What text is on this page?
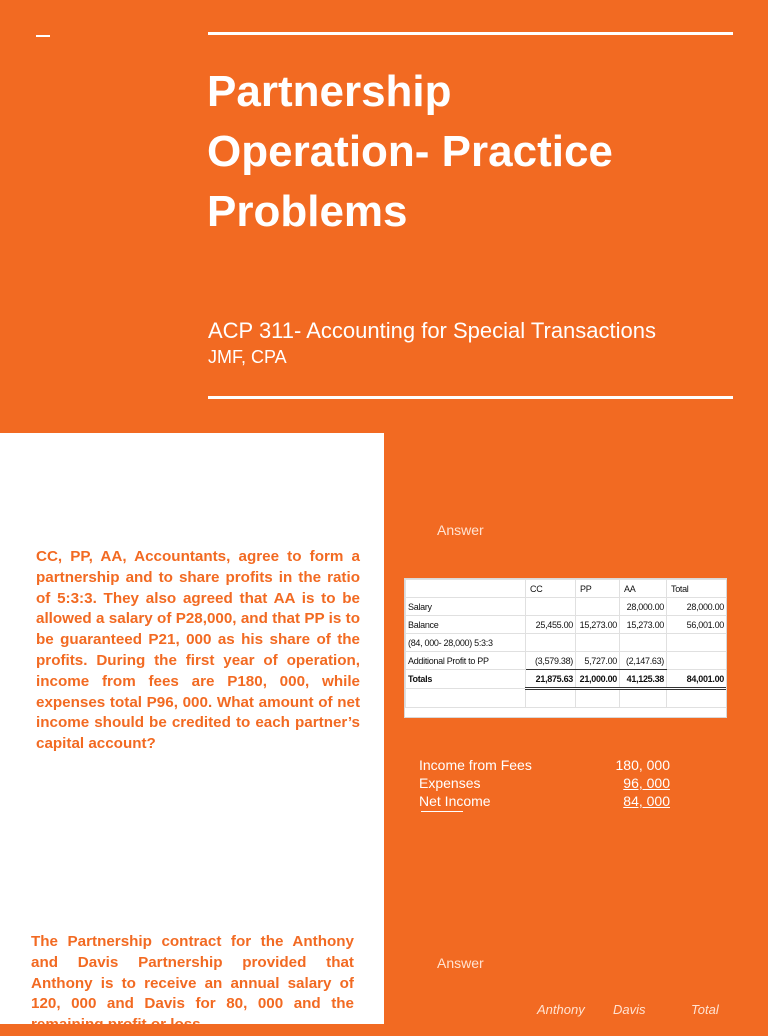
Partnership
Operation- Practice
Problems
ACP 311- Accounting for Special Transactions
JMF, CPA

CC, PP, AA, Accountants, agree to form a partnership and to share profits in the ratio of 5:3:3. They also agreed that AA is to be allowed a salary of P28,000, and that PP is to be guaranteed P21, 000 as his share of the profits. During the first year of operation, income from fees are P180, 000, while expenses total P96, 000. What amount of net income should be credited to each partner’s capital account?

The Partnership contract for the Anthony and Davis Partnership provided that Anthony is to receive an annual salary of 120, 000 and Davis for 80, 000 and the remaining profit or loss

Answer
	CC	PP	AA	Total
Salary			28,000.00	28,000.00
Balance	25,455.00	15,273.00	15,273.00	56,001.00
(84, 000- 28,000) 5:3:3				
Additional Profit to PP	(3,579.38)	5,727.00	(2,147.63)	
Totals	21,875.63	21,000.00	41,125.38	84,001.00

Income from Fees	180, 000
Expenses	96, 000
Net Income	84, 000
Answer
Anthony Davis	Total
